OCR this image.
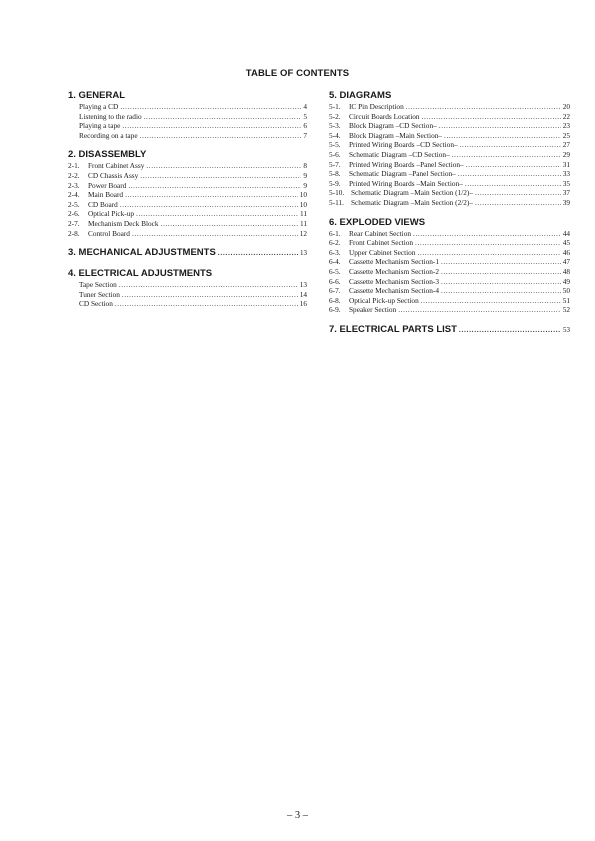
TABLE OF CONTENTS
1. GENERAL
Playing a CD .....	4
Listening to the radio .....	5
Playing a tape .....	6
Recording on a tape .....	7
2. DISASSEMBLY
2-1.	Front Cabinet Assy .....	8
2-2.	CD Chassis Assy .....	9
2-3.	Power Board .....	9
2-4.	Main Board .....	10
2-5.	CD Board .....	10
2-6.	Optical Pick-up .....	11
2-7.	Mechanism Deck Block .....	11
2-8.	Control Board .....	12
3. MECHANICAL ADJUSTMENTS .....	13
4. ELECTRICAL ADJUSTMENTS
Tape Section .....	13
Tuner Section .....	14
CD Section .....	16
5. DIAGRAMS
5-1.	IC Pin Description .....	20
5-2.	Circuit Boards Location .....	22
5-3.	Block Diagram –CD Section– .....	23
5-4.	Block Diagram –Main Section– .....	25
5-5.	Printed Wiring Boards –CD Section– .....	27
5-6.	Schematic Diagram –CD Section– .....	29
5-7.	Printed Wiring Boards –Panel Section– .....	31
5-8.	Schematic Diagram –Panel Section– .....	33
5-9.	Printed Wiring Boards –Main Section– .....	35
5-10. Schematic Diagram –Main Section (1/2)– .....	37
5-11. Schematic Diagram –Main Section (2/2)– .....	39
6. EXPLODED VIEWS
6-1.	Rear Cabinet Section .....	44
6-2.	Front Cabinet Section .....	45
6-3.	Upper Cabinet Section .....	46
6-4.	Cassette Mechanism Section-1 .....	47
6-5.	Cassette Mechanism Section-2 .....	48
6-6.	Cassette Mechanism Section-3 .....	49
6-7.	Cassette Mechanism Section-4 .....	50
6-8.	Optical Pick-up Section .....	51
6-9.	Speaker Section .....	52
7. ELECTRICAL PARTS LIST .....	53
– 3 –
